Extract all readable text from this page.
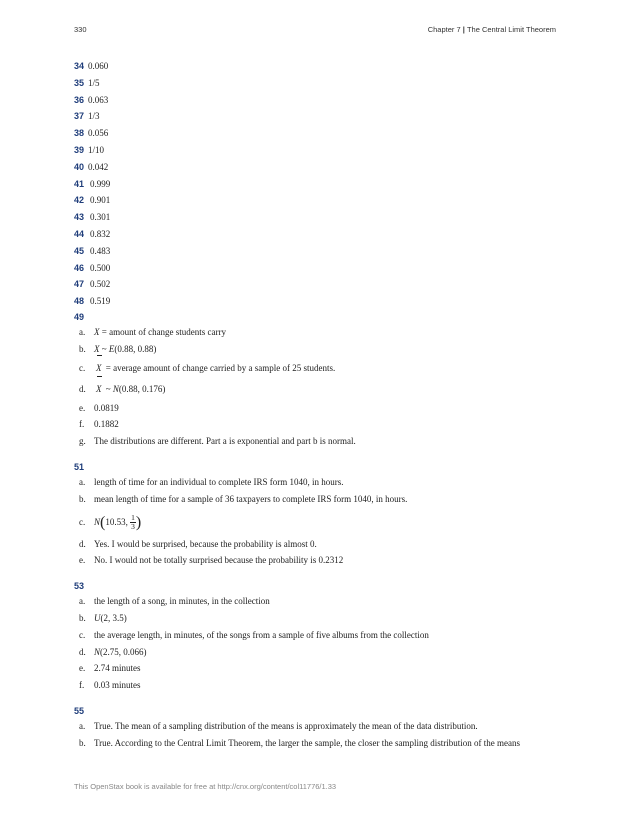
330	Chapter 7 | The Central Limit Theorem
34 0.060
35 1/5
36 0.063
37 1/3
38 0.056
39 1/10
40 0.042
41 0.999
42 0.901
43 0.301
44 0.832
45 0.483
46 0.500
47 0.502
48 0.519
49
a. X = amount of change students carry
b. X ~ E(0.88, 0.88)
c. X = average amount of change carried by a sample of 25 students.
d. X ~ N(0.88, 0.176)
e. 0.0819
f. 0.1882
g. The distributions are different. Part a is exponential and part b is normal.
51
a. length of time for an individual to complete IRS form 1040, in hours.
b. mean length of time for a sample of 36 taxpayers to complete IRS form 1040, in hours.
c. N(10.53, $\frac{1}{3}$ )
d. Yes. I would be surprised, because the probability is almost 0.
e. No. I would not be totally surprised because the probability is 0.2312
53
a. the length of a song, in minutes, in the collection
b. U(2, 3.5)
c. the average length, in minutes, of the songs from a sample of five albums from the collection
d. N(2.75, 0.066)
e. 2.74 minutes
f. 0.03 minutes
55
a. True. The mean of a sampling distribution of the means is approximately the mean of the data distribution.
b. True. According to the Central Limit Theorem, the larger the sample, the closer the sampling distribution of the means
This OpenStax book is available for free at http://cnx.org/content/col11776/1.33
